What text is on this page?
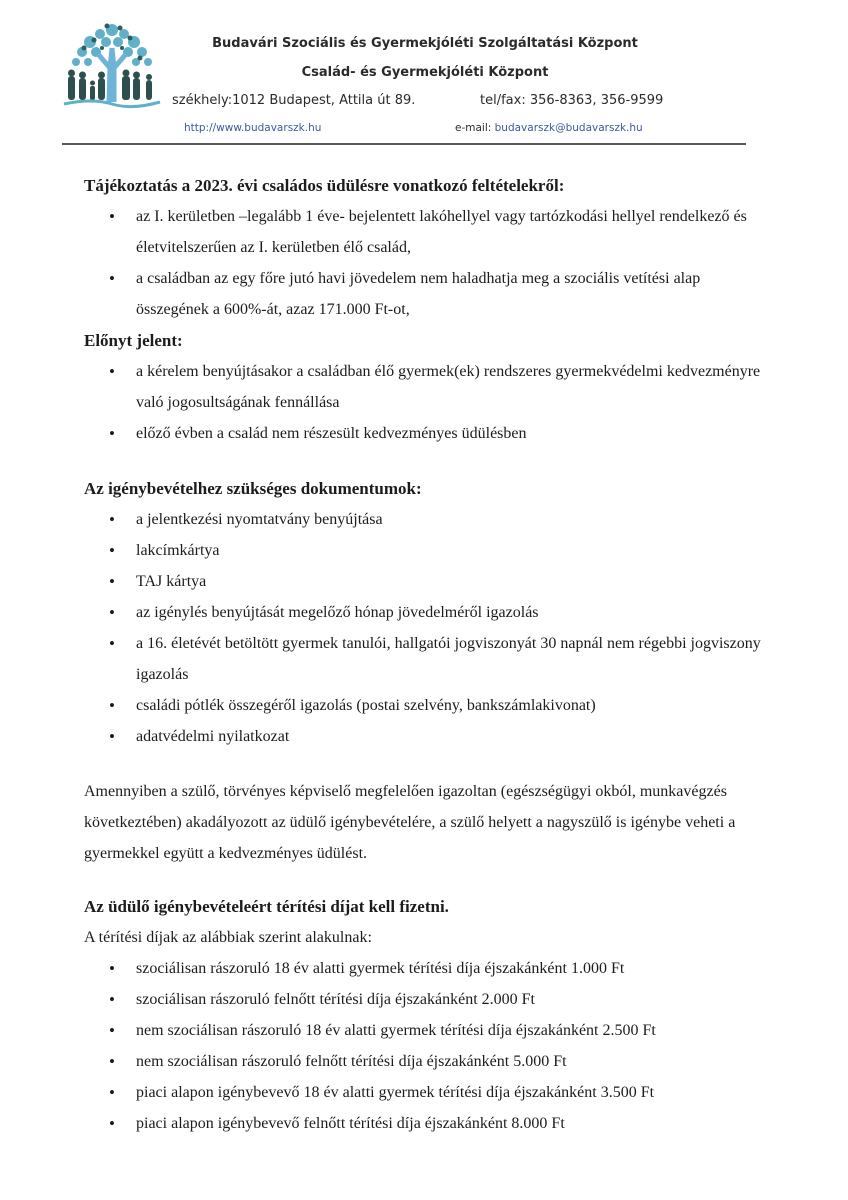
Budavári Szociális és Gyermekjóléti Szolgáltatási Központ
Család- és Gyermekjóléti Központ
székhely:1012 Budapest, Attila út 89.	tel/fax: 356-8363, 356-9599
http://www.budavarszk.hu	e-mail: budavarszk@budavarszk.hu

Tájékoztatás a 2023. évi családos üdülésre vonatkozó feltételekről:

• az I. kerületben –legalább 1 éve- bejelentett lakóhellyel vagy tartózkodási hellyel rendelkező és életvitelszerűen az I. kerületben élő család,
• a családban az egy főre jutó havi jövedelem nem haladhatja meg a szociális vetítési alap összegének a 600%-át, azaz 171.000 Ft-ot,

Előnyt jelent:

• a kérelem benyújtásakor a családban élő gyermek(ek) rendszeres gyermekvédelmi kedvezményre való jogosultságának fennállása
• előző évben a család nem részesült kedvezményes üdülésben

Az igénybevételhez szükséges dokumentumok:

• a jelentkezési nyomtatvány benyújtása
• lakcímkártya
• TAJ kártya
• az igénylés benyújtását megelőző hónap jövedelméről igazolás
• a 16. életévét betöltött gyermek tanulói, hallgatói jogviszonyát 30 napnál nem régebbi jogviszony igazolás
• családi pótlék összegéről igazolás (postai szelvény, bankszámlakivonat)
• adatvédelmi nyilatkozat

Amennyiben a szülő, törvényes képviselő megfelelően igazoltan (egészségügyi okból, munkavégzés következtében) akadályozott az üdülő igénybevételére, a szülő helyett a nagyszülő is igénybe veheti a gyermekkel együtt a kedvezményes üdülést.

Az üdülő igénybevételeért térítési díjat kell fizetni.

A térítési díjak az alábbiak szerint alakulnak:

• szociálisan rászoruló 18 év alatti gyermek térítési díja éjszakánként 1.000 Ft
• szociálisan rászoruló felnőtt térítési díja éjszakánként 2.000 Ft
• nem szociálisan rászoruló 18 év alatti gyermek térítési díja éjszakánként 2.500 Ft
• nem szociálisan rászoruló felnőtt térítési díja éjszakánként 5.000 Ft
• piaci alapon igénybevevő 18 év alatti gyermek térítési díja éjszakánként 3.500 Ft
• piaci alapon igénybevevő felnőtt térítési díja éjszakánként 8.000 Ft
